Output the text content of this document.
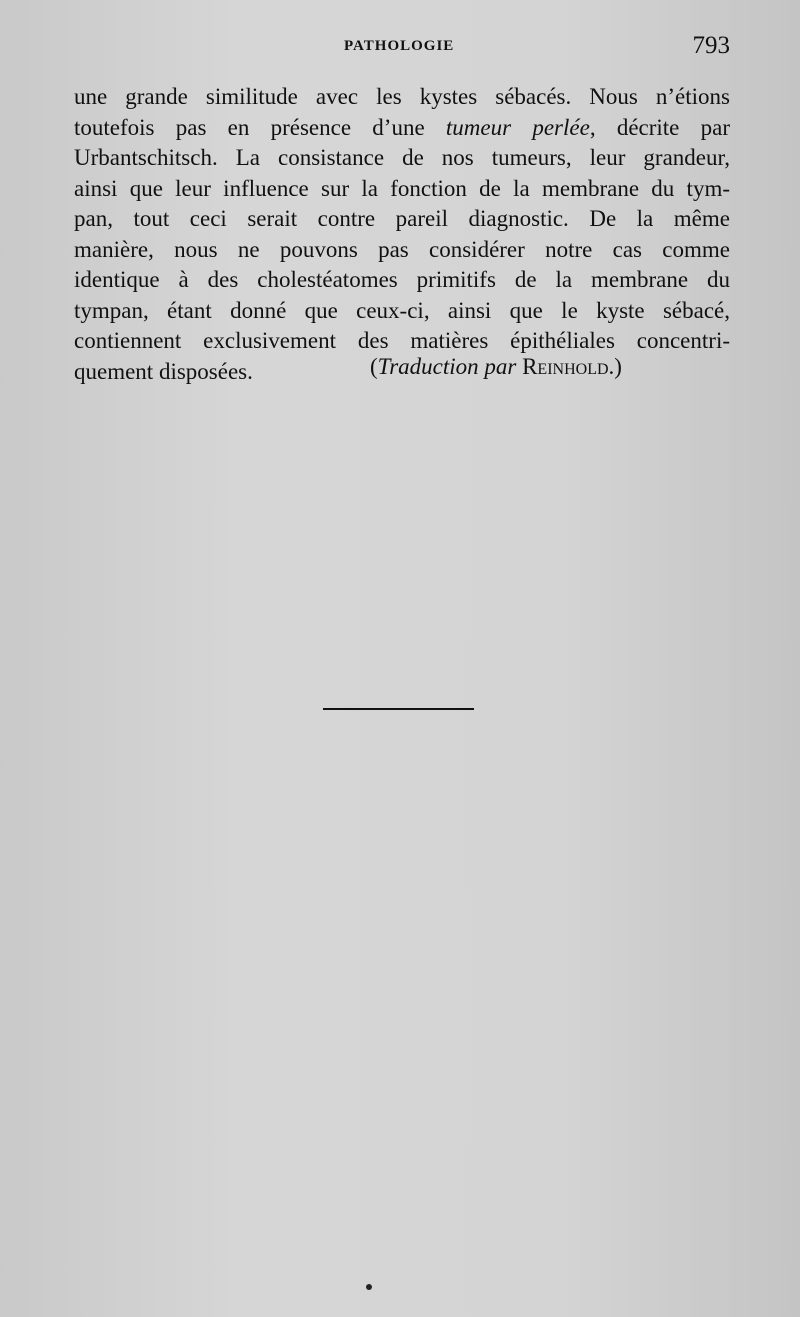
PATHOLOGIE	793

une grande similitude avec les kystes sébacés. Nous n’étions
toutefois pas en présence d’une tumeur perlée, décrite par
Urbantschitsch. La consistance de nos tumeurs, leur grandeur,
ainsi que leur influence sur la fonction de la membrane du tym-
pan, tout ceci serait contre pareil diagnostic. De la même
manière, nous ne pouvons pas considérer notre cas comme
identique à des cholestéatomes primitifs de la membrane du
tympan, étant donné que ceux-ci, ainsi que le kyste sébacé,
contiennent exclusivement des matières épithéliales concentri-
quement disposées.	(Traduction par Reinhold.)
